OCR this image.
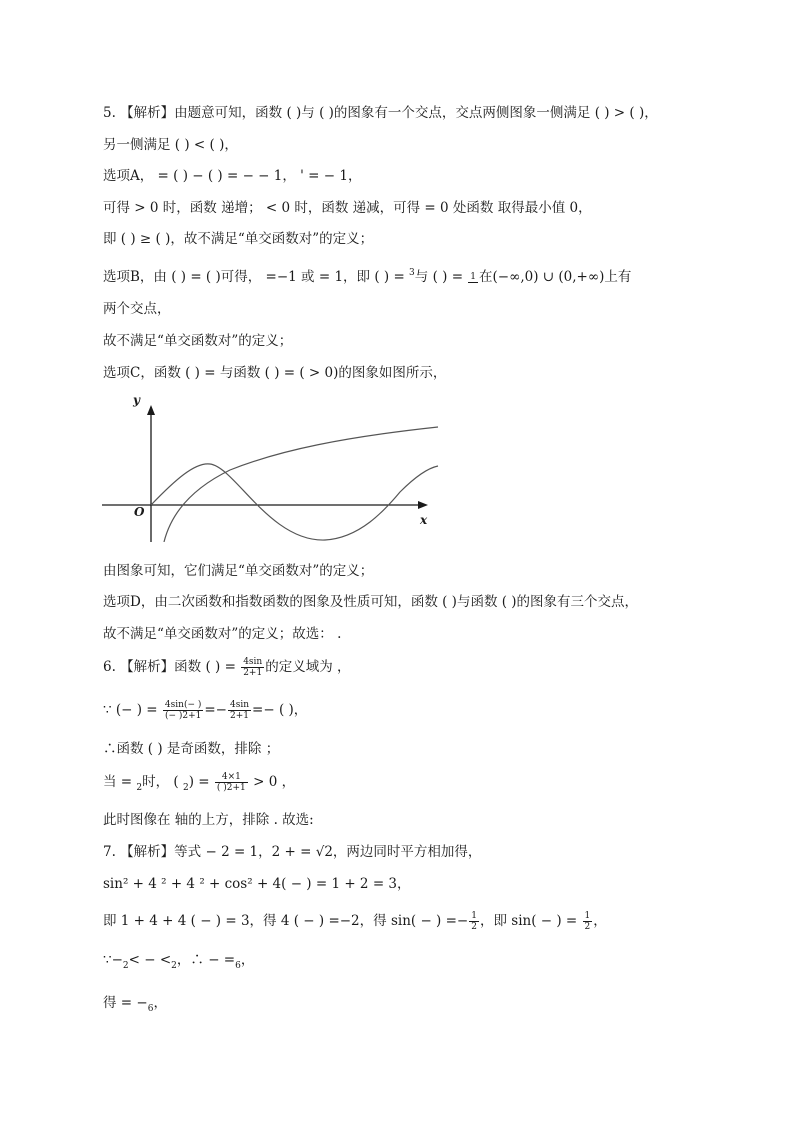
5. 【解析】由题意可知，函数 ( )与 ( )的图象有一个交点，交点两侧图象一侧满足 ( ) > ( )，
另一侧满足 ( ) < ( )，
选项A， = ( ) − ( ) = − − 1， ' = − 1，
可得 > 0 时，函数 递增； < 0 时，函数 递减，可得 = 0 处函数 取得最小值 0，
即 ( ) ≥ ( )，故不满足“单交函数对”的定义；
选项B，由 ( ) = ( )可得， =−1 或 = 1，即 ( ) = $^3$与 ( ) = 1 在(−∞,0) ∪ (0,+∞)上有
两个交点，
故不满足“单交函数对”的定义；
选项C，函数 ( ) = 与函数 ( ) = ( > 0)的图象如图所示，
y
x
O
由图象可知，它们满足“单交函数对”的定义；
选项D，由二次函数和指数函数的图象及性质可知，函数 ( )与函数 ( )的图象有三个交点，
故不满足“单交函数对”的定义；故选： .
6. 【解析】函数 ( ) = $\frac{4\sin}{2+1}$ 的定义域为 ，
∵ (− ) = $\frac{4\sin(- )}{(- )2+1} =- \frac{4\sin}{2+1}$ =− ( )，
∴函数 ( ) 是奇函数，排除 ；
当 = $_2$时， ( $_2) = \frac{4\times 1}{( )2+1} > 0$ ，
此时图像在 轴的上方，排除 . 故选:
7. 【解析】等式 − 2 = 1，2 + = √2，两边同时平方相加得，
sin² + 4 ² + 4 ² + cos² + 4( − ) = 1 + 2 = 3，
即 1 + 4 + 4 ( − ) = 3，得 4 ( − ) =−2，得 sin( − ) =− $\frac{1}{2}$ ，即 sin( − ) = $\frac{1}{2}$ ，
$\because-_2< - <_2$，∴ − $=_6$，
得 = $-_6$，
